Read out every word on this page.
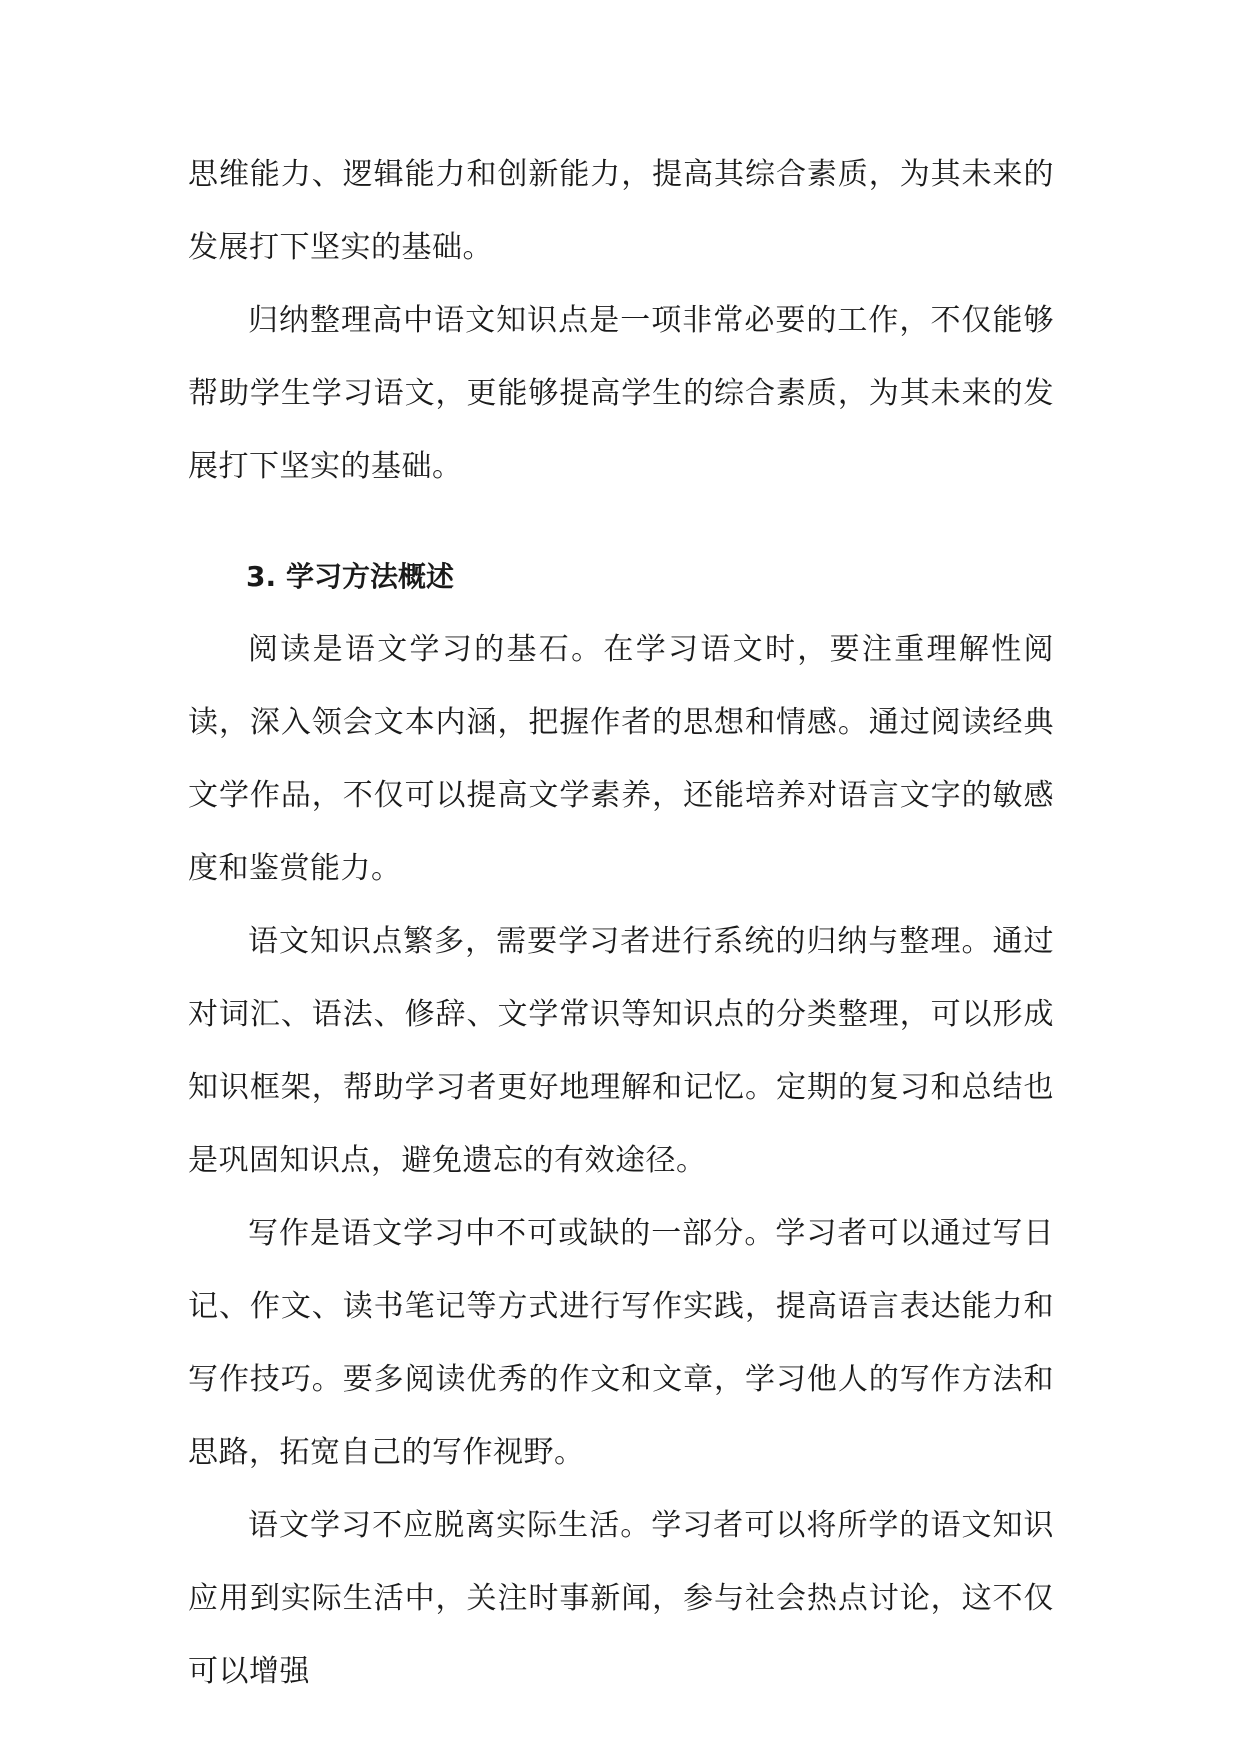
思维能力、逻辑能力和创新能力，提高其综合素质，为其未来的发展打下坚实的基础。

归纳整理高中语文知识点是一项非常必要的工作，不仅能够帮助学生学习语文，更能够提高学生的综合素质，为其未来的发展打下坚实的基础。

3. 学习方法概述

阅读是语文学习的基石。在学习语文时，要注重理解性阅读，深入领会文本内涵，把握作者的思想和情感。通过阅读经典文学作品，不仅可以提高文学素养，还能培养对语言文字的敏感度和鉴赏能力。

语文知识点繁多，需要学习者进行系统的归纳与整理。通过对词汇、语法、修辞、文学常识等知识点的分类整理，可以形成知识框架，帮助学习者更好地理解和记忆。定期的复习和总结也是巩固知识点，避免遗忘的有效途径。

写作是语文学习中不可或缺的一部分。学习者可以通过写日记、作文、读书笔记等方式进行写作实践，提高语言表达能力和写作技巧。要多阅读优秀的作文和文章，学习他人的写作方法和思路，拓宽自己的写作视野。

语文学习不应脱离实际生活。学习者可以将所学的语文知识应用到实际生活中，关注时事新闻，参与社会热点讨论，这不仅可以增强
